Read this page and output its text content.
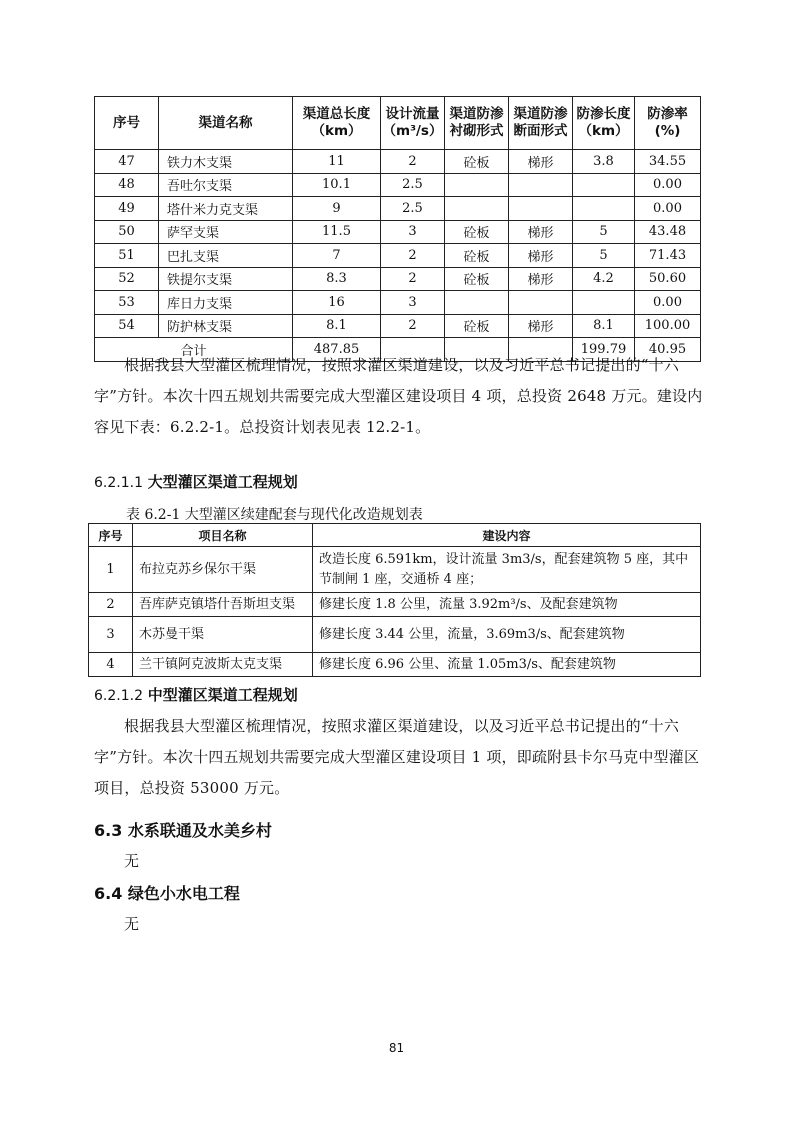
序号	渠道名称	渠道总长度（km）	设计流量（m³/s）	渠道防渗衬砌形式	渠道防渗断面形式	防渗长度（km）	防渗率(%)
47	铁力木支渠	11	2	砼板	梯形	3.8	34.55
48	吾吐尔支渠	10.1	2.5				0.00
49	塔什米力克支渠	9	2.5				0.00
50	萨罕支渠	11.5	3	砼板	梯形	5	43.48
51	巴扎支渠	7	2	砼板	梯形	5	71.43
52	铁提尔支渠	8.3	2	砼板	梯形	4.2	50.60
53	库日力支渠	16	3				0.00
54	防护林支渠	8.1	2	砼板	梯形	8.1	100.00
合计		487.85				199.79	40.95

根据我县大型灌区梳理情况，按照求灌区渠道建设，以及习近平总书记提出的“十六字”方针。本次十四五规划共需要完成大型灌区建设项目 4 项，总投资 2648 万元。建设内容见下表：6.2.2-1。总投资计划表见表 12.2-1。

6.2.1.1 大型灌区渠道工程规划
表 6.2-1 大型灌区续建配套与现代化改造规划表
序号	项目名称	建设内容
1	布拉克苏乡保尔干渠	改造长度 6.591km，设计流量 3m3/s，配套建筑物 5 座，其中节制闸 1 座，交通桥 4 座；
2	吾库萨克镇塔什吾斯坦支渠	修建长度 1.8 公里，流量 3.92m³/s、及配套建筑物
3	木苏曼干渠	修建长度 3.44 公里，流量，3.69m3/s、配套建筑物
4	兰干镇阿克波斯太克支渠	修建长度 6.96 公里、流量 1.05m3/s、配套建筑物
6.2.1.2 中型灌区渠道工程规划

根据我县大型灌区梳理情况，按照求灌区渠道建设，以及习近平总书记提出的“十六字”方针。本次十四五规划共需要完成大型灌区建设项目 1 项，即疏附县卡尔马克中型灌区项目，总投资 53000 万元。

6.3 水系联通及水美乡村
无
6.4 绿色小水电工程
无
81
